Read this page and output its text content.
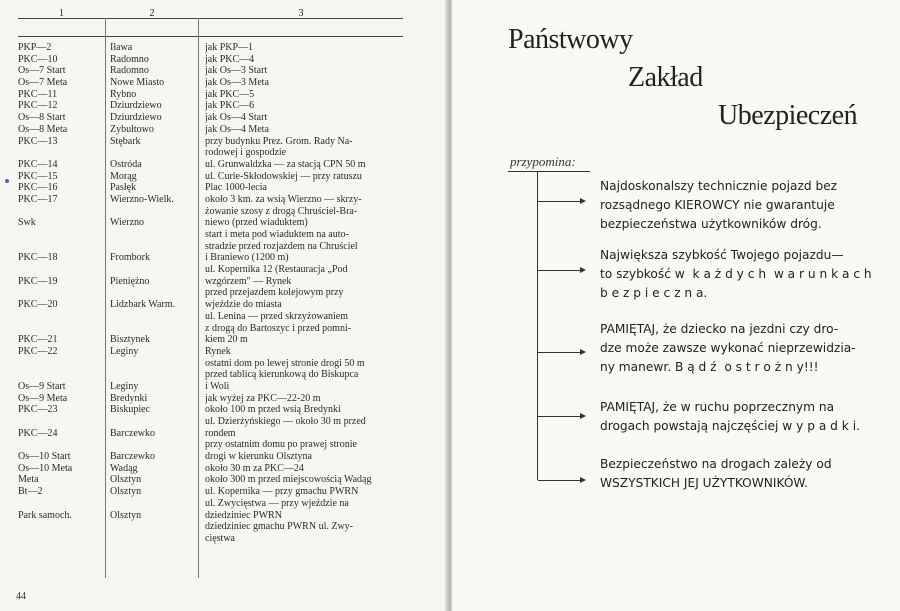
1	2	3
PKP—2
PKC—10
Os—7 Start
Os—7 Meta
PKC—11
PKC—12
Os—8 Start
Os—8 Meta
PKC—13
PKC—14
PKC—15
PKC—16
PKC—17
Swk
PKC—18
PKC—19
PKC—20
PKC—21
PKC—22
Os—9 Start
Os—9 Meta
PKC—23
PKC—24
Os—10 Start
Os—10 Meta
Meta
Bt—2
Park samoch.
Iława
Radomno
Radomno
Nowe Miasto
Rybno
Dziurdziewo
Dziurdziewo
Zybułtowo
Stębark
Ostróda
Morąg
Pasłęk
Wierzno-Wielk.
Wierzno
Frombork
Pieniężno
Lidzbark Warm.
Bisztynek
Leginy
Leginy
Bredynki
Biskupiec
Barczewko
Barczewko
Wadąg
Olsztyn
Olsztyn
Olsztyn
jak PKP—1
jak PKC—4
jak Os—3 Start
jak Os—3 Meta
jak PKC—5
jak PKC—6
jak Os—4 Start
jak Os—4 Meta
przy budynku Prez. Grom. Rady Na-
rodowej i gospodzie
ul. Grunwaldzka — za stacją CPN 50 m
ul. Curie-Skłodowskiej — przy ratuszu
Plac 1000-lecia
około 3 km. za wsią Wierzno — skrzy-
żowanie szosy z drogą Chruściel-Bra-
niewo (przed wiaduktem)
start i meta pod wiaduktem na auto-
stradzie przed rozjazdem na Chruściel
i Braniewo (1200 m)
ul. Kopernika 12 (Restauracja „Pod
wzgórzem" — Rynek
przed przejazdem kolejowym przy
wjeździe do miasta
ul. Lenina — przed skrzyżowaniem
z drogą do Bartoszyc i przed pomni-
kiem 20 m
Rynek
ostatni dom po lewej stronie drogi 50 m
przed tablicą kierunkową do Biskupca
i Woli
jak wyżej za PKC—22-20 m
około 100 m przed wsią Bredynki
ul. Dzierżyńskiego — około 30 m przed
rondem
przy ostatnim domu po prawej stronie
drogi w kierunku Olsztyna
około 30 m za PKC—24
około 300 m przed miejscowością Wadąg
ul. Kopernika — przy gmachu PWRN
ul. Zwycięstwa — przy wjeździe na
dziedziniec PWRN
dziedziniec gmachu PWRN ul. Zwy-
cięstwa
44
Państwowy
Zakład
Ubezpieczeń
przypomina:
Najdoskonalszy technicznie pojazd bez
rozsądnego KIEROWCY nie gwarantuje
bezpieczeństwa użytkowników dróg.
Największa szybkość Twojego pojazdu—
to szybkość w  k a ż d y c h  w a r u n k a c h
b e z p i e c z n a.
PAMIĘTAJ, że dziecko na jezdni czy dro-
dze może zawsze wykonać nieprzewidzia-
ny manewr. B ą d ź  o s t r o ż n y!!!
PAMIĘTAJ, że w ruchu poprzecznym na
drogach powstają najczęściej w y p a d k i.
Bezpieczeństwo na drogach zależy od
WSZYSTKICH JEJ UŻYTKOWNIKÓW.
